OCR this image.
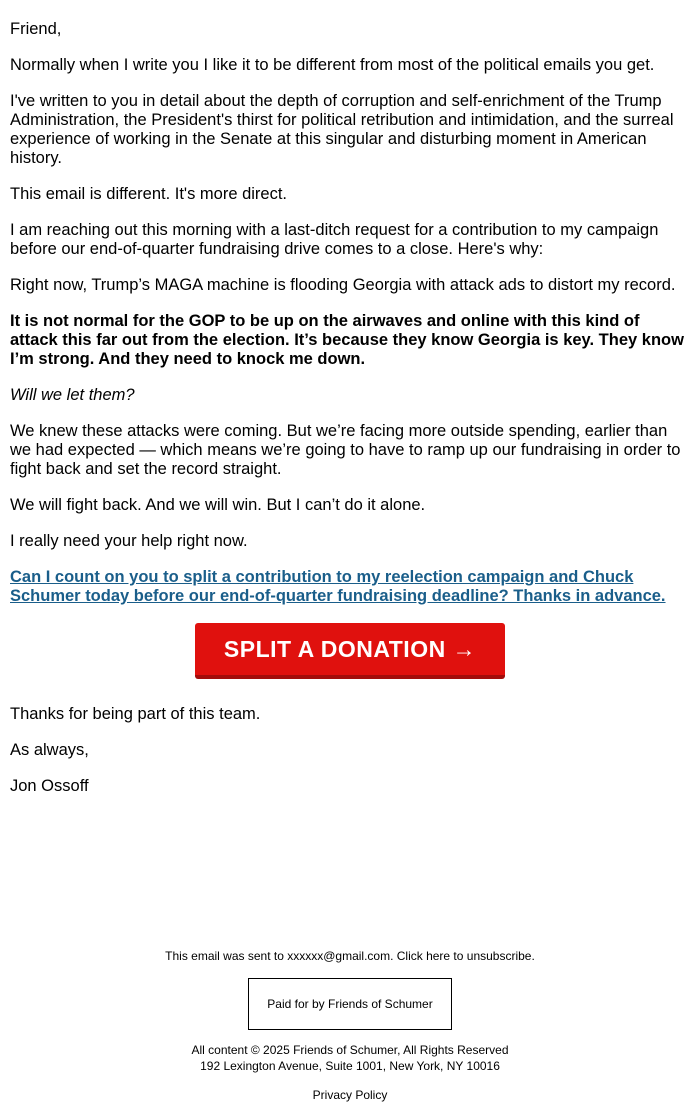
Friend,

Normally when I write you I like it to be different from most of the political emails you get.

I've written to you in detail about the depth of corruption and self-enrichment of the Trump Administration, the President's thirst for political retribution and intimidation, and the surreal experience of working in the Senate at this singular and disturbing moment in American history.

This email is different. It's more direct.

I am reaching out this morning with a last-ditch request for a contribution to my campaign before our end-of-quarter fundraising drive comes to a close. Here's why:

Right now, Trump’s MAGA machine is flooding Georgia with attack ads to distort my record.

It is not normal for the GOP to be up on the airwaves and online with this kind of attack this far out from the election. It’s because they know Georgia is key. They know I’m strong. And they need to knock me down.

Will we let them?

We knew these attacks were coming. But we’re facing more outside spending, earlier than we had expected — which means we’re going to have to ramp up our fundraising in order to fight back and set the record straight.

We will fight back. And we will win. But I can’t do it alone.

I really need your help right now.

Can I count on you to split a contribution to my reelection campaign and Chuck Schumer today before our end-of-quarter fundraising deadline? Thanks in advance.

SPLIT A DONATION →

Thanks for being part of this team.

As always,

Jon Ossoff

This email was sent to xxxxxx@gmail.com. Click here to unsubscribe.

Paid for by Friends of Schumer

All content © 2025 Friends of Schumer, All Rights Reserved

192 Lexington Avenue, Suite 1001, New York, NY 10016

Privacy Policy
